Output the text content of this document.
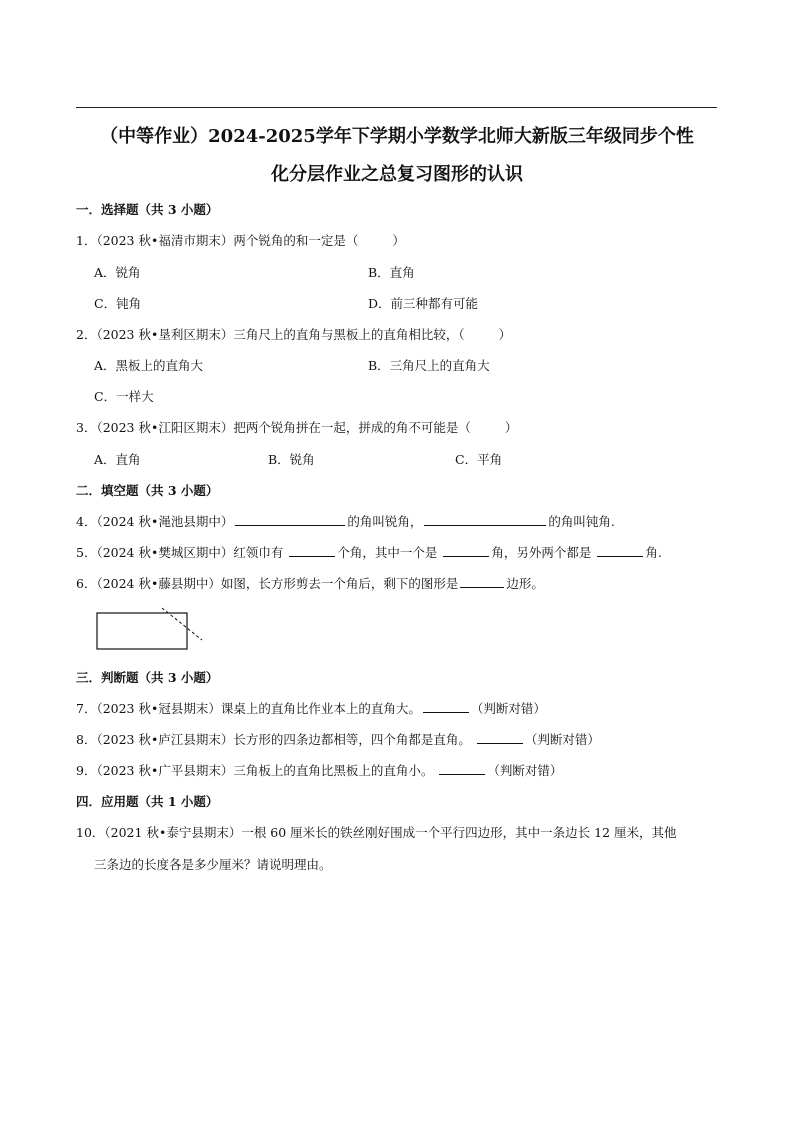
（中等作业）2024-2025学年下学期小学数学北师大新版三年级同步个性
化分层作业之总复习图形的认识
一．选择题（共 3 小题）
1．（2023 秋•福清市期末）两个锐角的和一定是（	）
A．锐角	B．直角
C．钝角	D．前三种都有可能
2．（2023 秋•垦利区期末）三角尺上的直角与黑板上的直角相比较，（	）
A．黑板上的直角大	B．三角尺上的直角大
C．一样大
3．（2023 秋•江阳区期末）把两个锐角拼在一起，拼成的角不可能是（	）
A．直角	B．锐角	C．平角
二．填空题（共 3 小题）
4．（2024 秋•渑池县期中）	的角叫锐角，	的角叫钝角.
5．（2024 秋•樊城区期中）红领巾有	个角，其中一个是	角，另外两个都是	角.
6．（2024 秋•藤县期中）如图，长方形剪去一个角后，剩下的图形是	边形。
三．判断题（共 3 小题）
7．（2023 秋•冠县期末）课桌上的直角比作业本上的直角大。	（判断对错）
8．（2023 秋•庐江县期末）长方形的四条边都相等，四个角都是直角。	（判断对错）
9．（2023 秋•广平县期末）三角板上的直角比黑板上的直角小。	（判断对错）
四．应用题（共 1 小题）
10．（2021 秋•泰宁县期末）一根 60 厘米长的铁丝刚好围成一个平行四边形，其中一条边长 12 厘米，其他
三条边的长度各是多少厘米？请说明理由。
